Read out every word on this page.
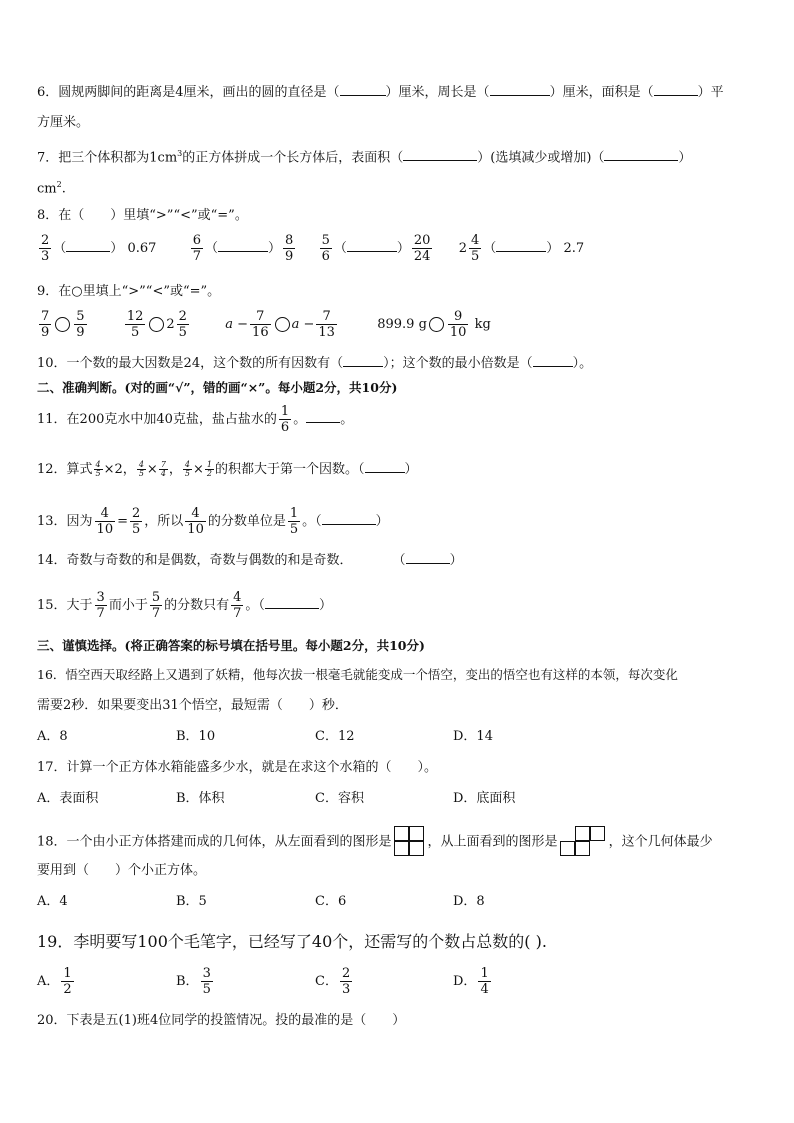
6．圆规两脚间的距离是4厘米，画出的圆的直径是（	）厘米，周长是（	）厘米，面积是（	）平
方厘米。
7．把三个体积都为$1cm^3$的正方体拼成一个长方体后，表面积（	）(选填减少或增加)（	）
$cm^2$.
8．在（　　）里填“>”“<”或“=”。
$\frac{2}{3}$ （	） 0.67	$\frac{6}{7}$ （	） $\frac{8}{9}$
$\frac{5}{6}$ （	） $\frac{20}{24} 2 \frac{4}{5}$ （	） 2.7
9．在○里填上“>”“<”或“=”。
$\frac{7}{9} \frac{5}{9}$
	$\frac{12}{5} 2 \frac{2}{5}$	$a - \frac{7}{16}$ $a - \frac{7}{13}$	899.9 g $\frac{9}{10}$ kg
10．一个数的最大因数是24，这个数的所有因数有（	）；这个数的最小倍数是（	）。
二、准确判断。(对的画“√”，错的画“×”。每小题2分，共10分)
11．在200克水中加40克盐，盐占盐水的 $\frac{1}{6}$ 。	。
12．算式 $\frac{4}{5} \times 2$， $\frac{4}{5} \times \frac{7}{4}$ ， $\frac{4}{5} \times \frac{1}{2}$ 的积都大于第一个因数。（	）
13．因为 $\frac{4}{10} = \frac{2}{5}$ ，所以 $\frac{4}{10}$ 的分数单位是 $\frac{1}{5}$ 。（	）
14．奇数与奇数的和是偶数，奇数与偶数的和是奇数．	（	）
15．大于 $\frac{3}{7}$ 而小于 $\frac{5}{7}$ 的分数只有 $\frac{4}{7}$ 。（	）
三、谨慎选择。(将正确答案的标号填在括号里。每小题2分，共10分)
16．悟空西天取经路上又遇到了妖精，他每次拔一根毫毛就能变成一个悟空，变出的悟空也有这样的本领，每次变化
需要2秒．如果要变出31个悟空，最短需（　　）秒．
A．8	B．10	C．12	D．14
17．计算一个正方体水箱能盛多少水，就是在求这个水箱的（　　）。
A．表面积	B．体积	C．容积	D．底面积
18．一个由小正方体搭建而成的几何体，从左面看到的图形是	，从上面看到的图形是	，这个几何体最少
要用到（　　）个小正方体。
A．4	B．5	C．6	D．8
19．李明要写100个毛笔字，已经写了40个，还需写的个数占总数的( ).
A． $\frac{1}{2}$	B． $\frac{3}{5}$	C． $\frac{2}{3}$	D． $\frac{1}{4}$
20．下表是五(1)班4位同学的投篮情况。投的最准的是（　　）
